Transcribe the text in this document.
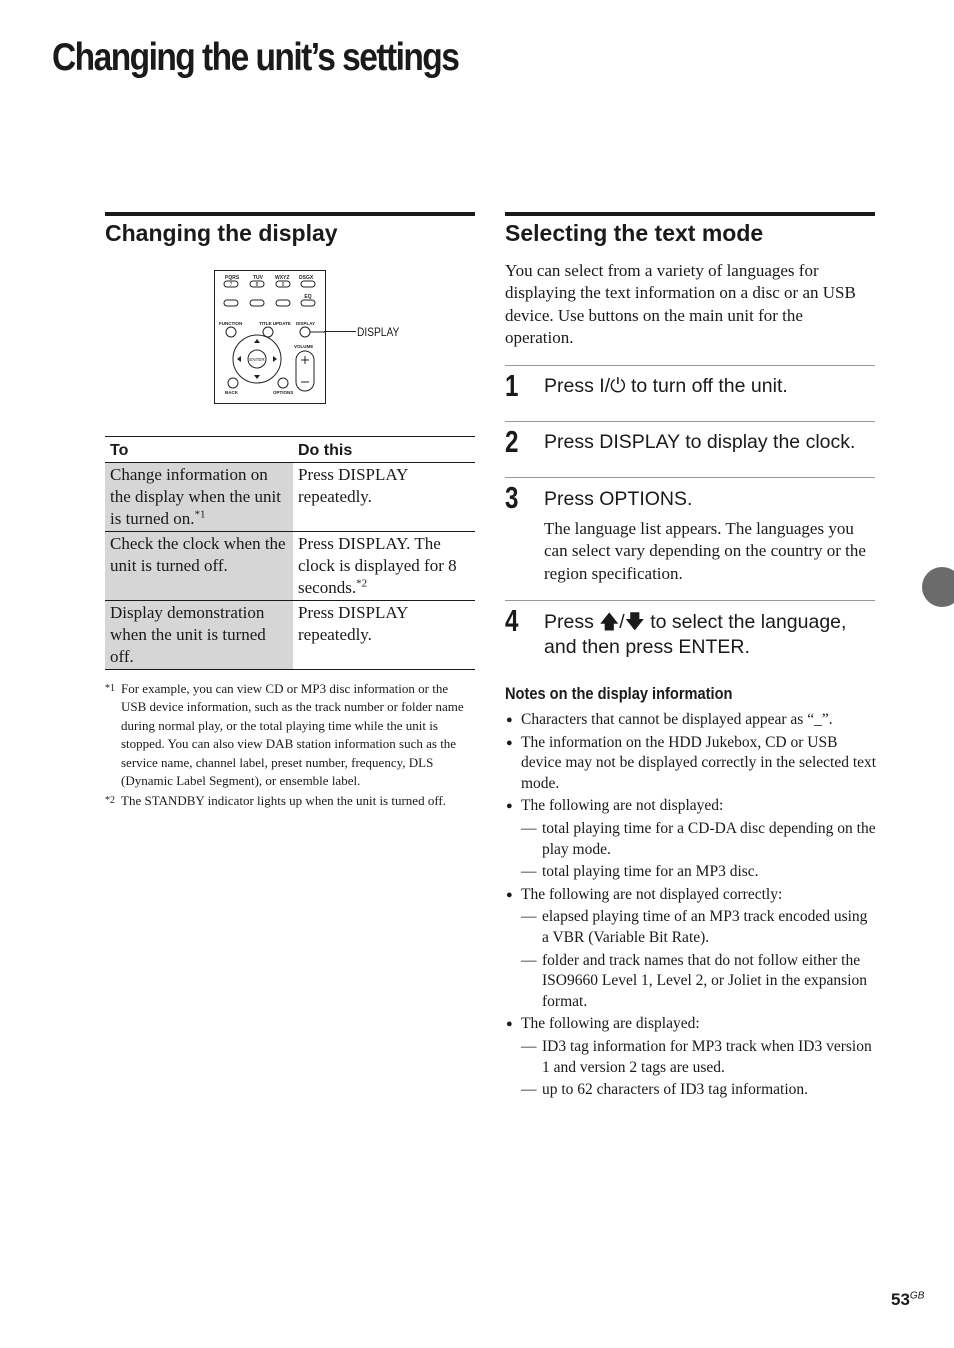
Changing the unit’s settings
Changing the display
PQRS	TUV WXYZ DSGX
7	8	9
EQ
FUNCTION	TITLE UPDATE DISPLAY
VOLUME
BACK	OPTIONS
ENTER
DISPLAY
To	Do this
Change information on the display when the unit is turned on.$^{*1}$	Press DISPLAY repeatedly.
Check the clock when the unit is turned off.	Press DISPLAY. The clock is displayed for 8 seconds.$^{*2}$
Display demonstration when the unit is turned off.	Press DISPLAY repeatedly.
*1 For example, you can view CD or MP3 disc information or the USB device information, such as the track number or folder name during normal play, or the total playing time while the unit is stopped. You can also view DAB station information such as the service name, channel label, preset number, frequency, DLS (Dynamic Label Segment), or ensemble label.
*2 The STANDBY indicator lights up when the unit is turned off.
Selecting the text mode

You can select from a variety of languages for displaying the text information on a disc or an USB device. Use buttons on the main unit for the operation.

1 Press I/⏻ to turn off the unit.
2 Press DISPLAY to display the clock.
3 Press OPTIONS.
The language list appears. The languages you can select vary depending on the country or the region specification.
4 Press 🡅/🡇 to select the language, and then press ENTER.
Notes on the display information
● Characters that cannot be displayed appear as “_”.
● The information on the HDD Jukebox, CD or USB device may not be displayed correctly in the selected text mode.
● The following are not displayed:
— total playing time for a CD-DA disc depending on the play mode.
— total playing time for an MP3 disc.
● The following are not displayed correctly:
— elapsed playing time of an MP3 track encoded using a VBR (Variable Bit Rate).
— folder and track names that do not follow either the ISO9660 Level 1, Level 2, or Joliet in the expansion format.
● The following are displayed:
— ID3 tag information for MP3 track when ID3 version 1 and version 2 tags are used.
— up to 62 characters of ID3 tag information.
$53^{GB}$
